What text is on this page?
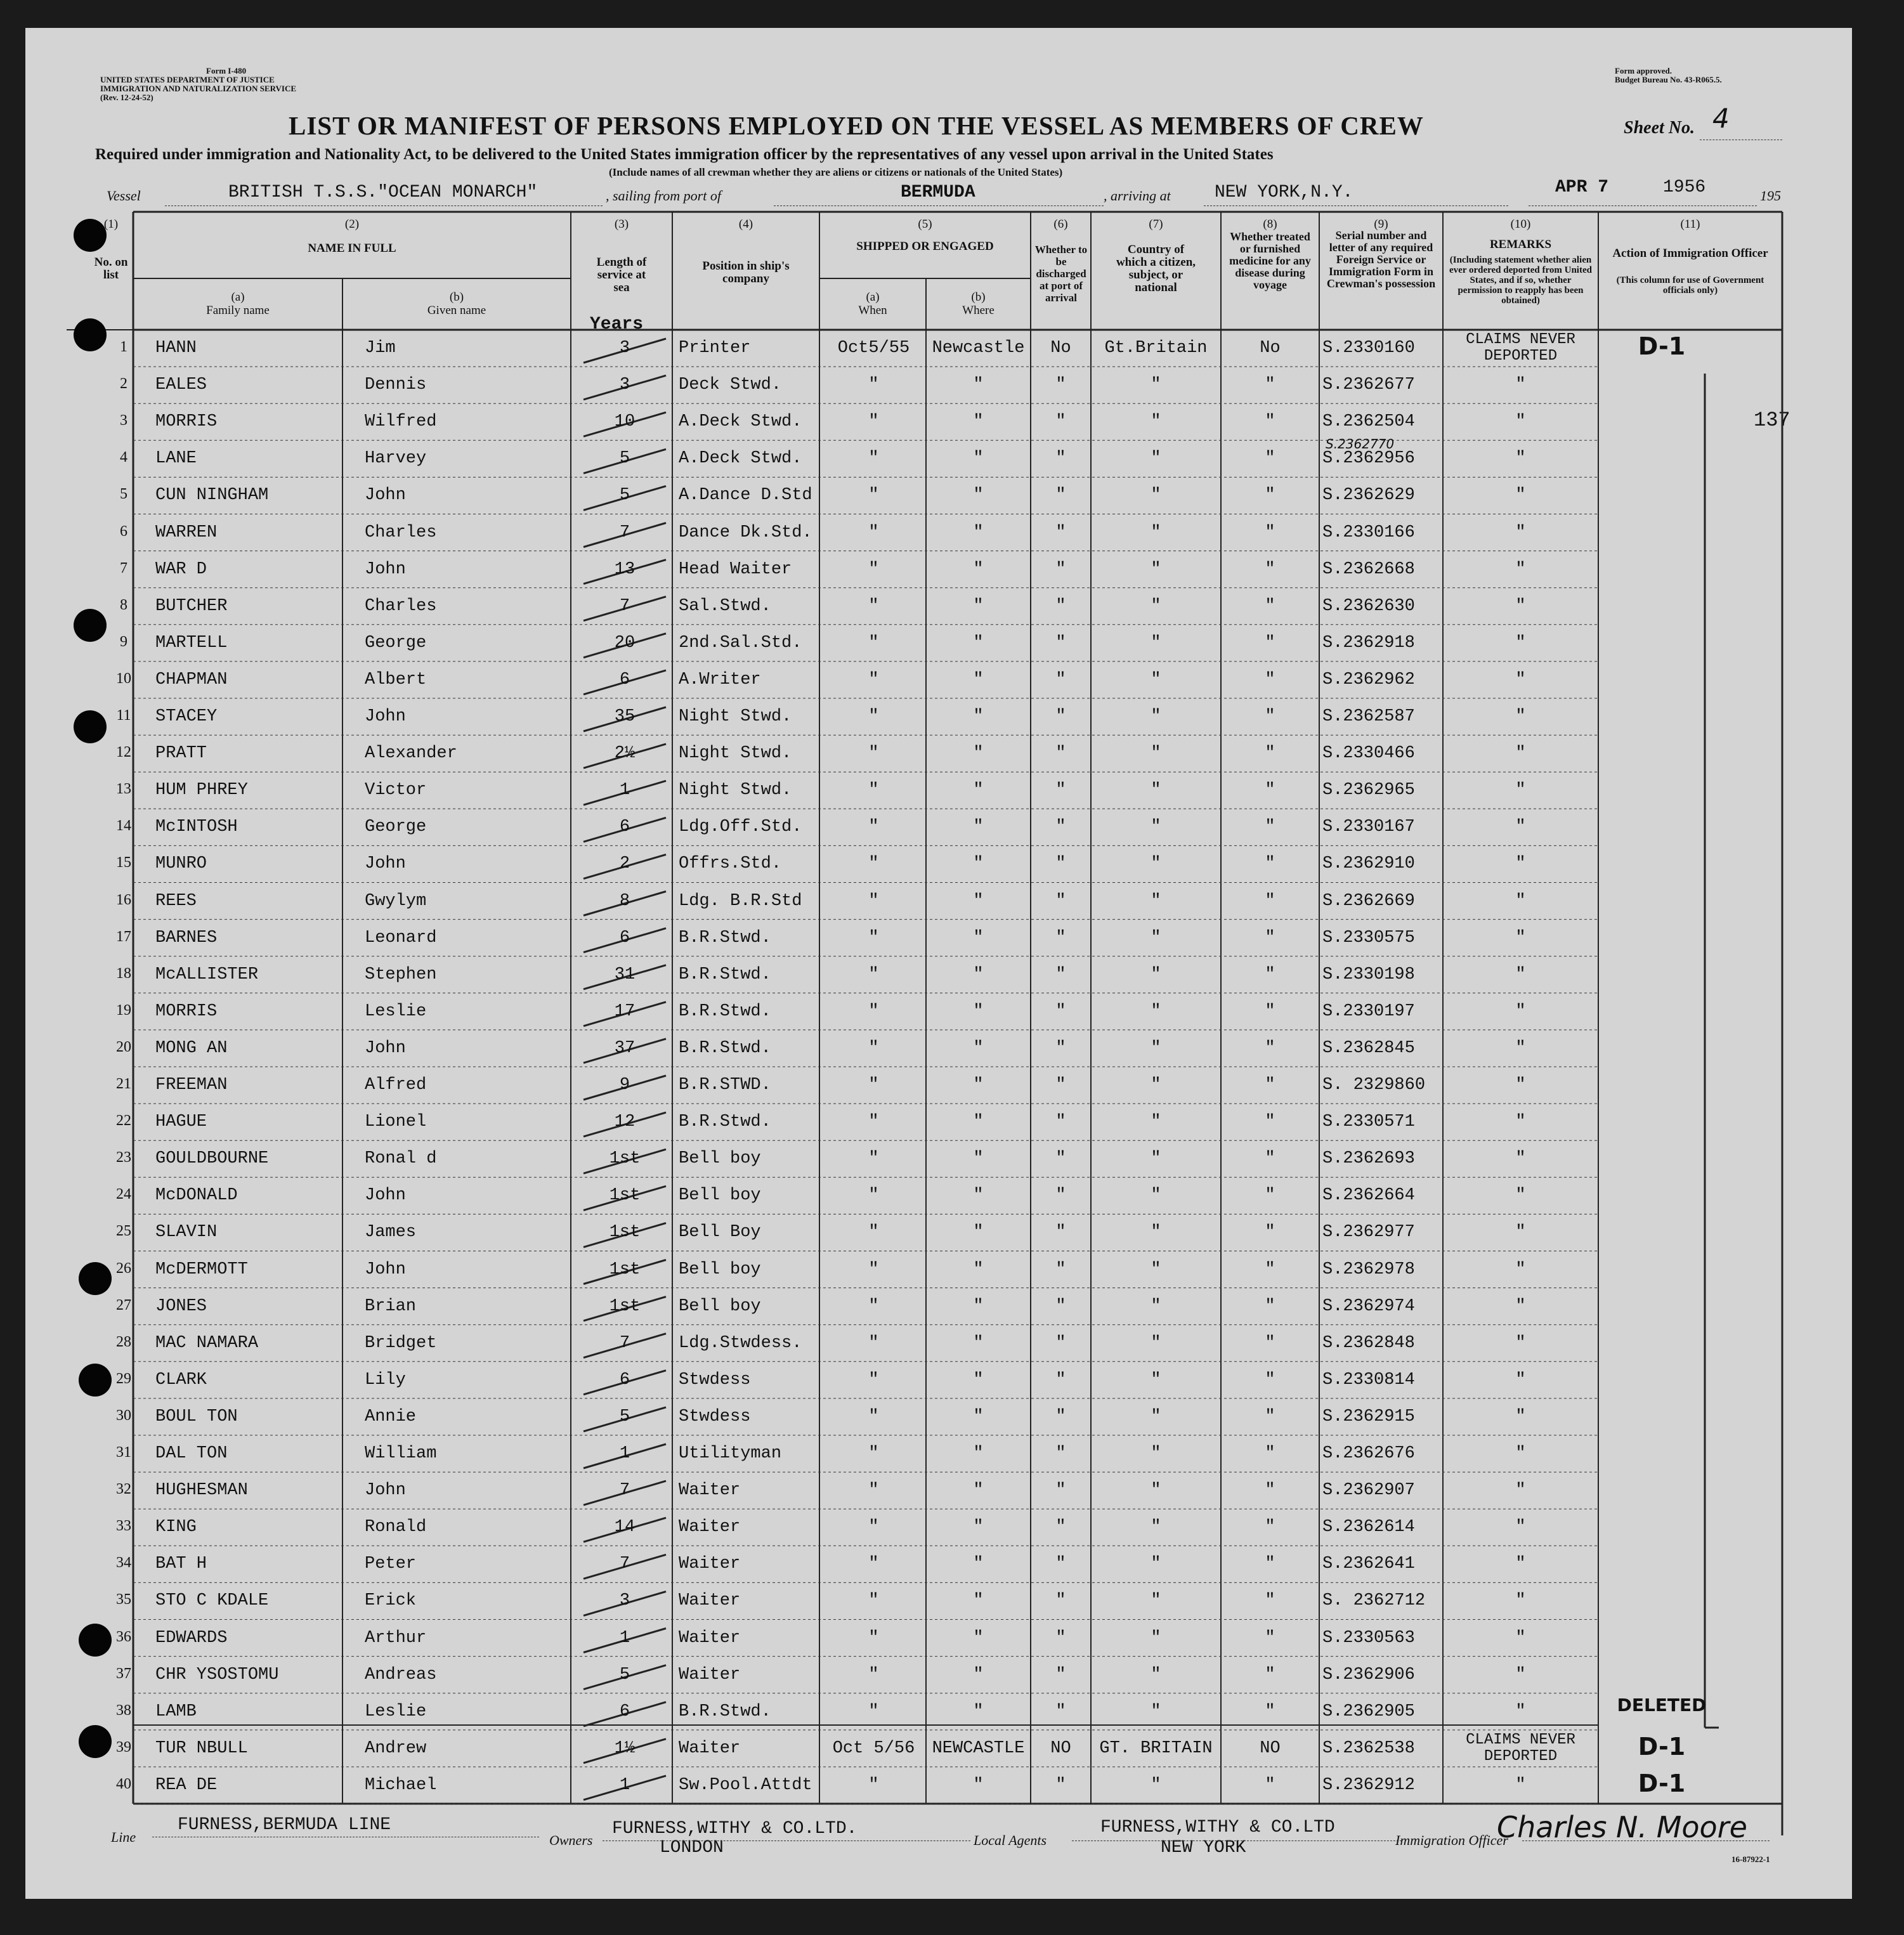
Form I-480
UNITED STATES DEPARTMENT OF JUSTICE
IMMIGRATION AND NATURALIZATION SERVICE
(Rev. 12-24-52)
Form approved.
Budget Bureau No. 43-R065.5.
LIST OR MANIFEST OF PERSONS EMPLOYED ON THE VESSEL AS MEMBERS OF CREW	Sheet No. 4
Required under immigration and Nationality Act, to be delivered to the United States immigration officer by the representatives of any vessel upon arrival in the United States
(Include names of all crewman whether they are aliens or citizens or nationals of the United States)
Vessel	BRITISH T.S.S."OCEAN MONARCH"	, sailing from port of	BERMUDA	, arriving at NEW YORK,N.Y.	APR 7	1956	195
137
(1)
No. on list
(2)
NAME IN FULL
(a)
Family name
(b)
Given name
(3)
Length of service at sea
Years
(4)
Position in ship's company
(5)
SHIPPED OR ENGAGED
(a)
When
(b)
Where
(6)
Whether to be discharged at port of arrival
(7)
Country of which a citizen, subject, or national
(8)
Whether treated or furnished medicine for any disease during voyage
(9)
Serial number and letter of any required Foreign Service or Immigration Form in Crewman's possession
(10)
REMARKS
(Including statement whether alien ever ordered deported from United States, and if so, whether permission to reapply has been obtained)
(11)
Action of Immigration Officer
(This column for use of Government officials only)
1	HANN	Jim	3	Printer	Oct5/55	Newcastle	No	Gt.Britain	No	S.2330160	CLAIMS NEVER	D-1
DEPORTED
2	EALES	Dennis	3	Deck Stwd.	"	"	"	"	"	S.2362677	"
3	MORRIS	Wilfred	10	A.Deck Stwd.	"	"	"	"	"	S.2362504	"
4	LANE	Harvey	5	A.Deck Stwd.	"	"	"	"	"	S.2362956	"
S.2362770
5	CUN NINGHAM	John	5	A.Dance D.Std	"	"	"	"	"	S.2362629	"
6	WARREN	Charles	7	Dance Dk.Std.	"	"	"	"	"	S.2330166	"
7	WAR D	John	13	Head Waiter	"	"	"	"	"	S.2362668	"
8	BUTCHER	Charles	7	Sal.Stwd.	"	"	"	"	"	S.2362630	"
9	MARTELL	George	20	2nd.Sal.Std.	"	"	"	"	"	S.2362918	"
10 CHAPMAN	Albert	6	A.Writer	"	"	"	"	"	S.2362962	"
11	STACEY	John	35	Night Stwd.	"	"	"	"	"	S.2362587	"
12 PRATT	Alexander	2½	Night Stwd.	"	"	"	"	"	S.2330466	"
13 HUM PHREY	Victor	1	Night Stwd.	"	"	"	"	"	S.2362965	"
14 McINTOSH	George	6	Ldg.Off.Std.	"	"	"	"	"	S.2330167	"
15 MUNRO	John	2	Offrs.Std.	"	"	"	"	"	S.2362910	"
16 REES	Gwylym	8	Ldg. B.R.Std	"	"	"	"	"	S.2362669	"
17 BARNES	Leonard	6	B.R.Stwd.	"	"	"	"	"	S.2330575	"
18 McALLISTER	Stephen	31	B.R.Stwd.	"	"	"	"	"	S.2330198	"
19 MORRIS	Leslie	17	B.R.Stwd.	"	"	"	"	"	S.2330197	"
20 MONG AN	John	37	B.R.Stwd.	"	"	"	"	"	S.2362845	"
21 FREEMAN	Alfred	9	B.R.STWD.	"	"	"	"	"	S. 2329860	"
22 HAGUE	Lionel	12	B.R.Stwd.	"	"	"	"	"	S.2330571	"
23 GOULDBOURNE	Ronal d	1st	Bell boy	"	"	"	"	"	S.2362693	"
24 McDONALD	John	1st	Bell boy	"	"	"	"	"	S.2362664	"
25 SLAVIN	James	1st	Bell Boy	"	"	"	"	"	S.2362977	"
26 McDERMOTT	John	1st	Bell boy	"	"	"	"	"	S.2362978	"
27 JONES	Brian	1st	Bell boy	"	"	"	"	"	S.2362974	"
28 MAC NAMARA	Bridget	7	Ldg.Stwdess.	"	"	"	"	"	S.2362848	"
29 CLARK	Lily	6	Stwdess	"	"	"	"	"	S.2330814	"
30 BOUL TON	Annie	5	Stwdess	"	"	"	"	"	S.2362915	"
31 DAL TON	William	1	Utilityman	"	"	"	"	"	S.2362676	"
32 HUGHESMAN	John	7	Waiter	"	"	"	"	"	S.2362907	"
33 KING	Ronald	14	Waiter	"	"	"	"	"	S.2362614	"
34 BAT H	Peter	7	Waiter	"	"	"	"	"	S.2362641	"
35 STO C KDALE	Erick	3	Waiter	"	"	"	"	"	S. 2362712	"
36 EDWARDS	Arthur	1	Waiter	"	"	"	"	"	S.2330563	"
37 CHR YSOSTOMU	Andreas	5	Waiter	"	"	"	"	"	S.2362906	"
38 LAMB	Leslie	6	B.R.Stwd.	"	"	"	"	"	S.2362905	"	DELETED
39 TUR NBULL	Andrew	1½	Waiter	Oct 5/56	NEWCASTLE	NO	GT. BRITAIN	NO	S.2362538	CLAIMS NEVER	D-1
DEPORTED
40 REA DE	Michael	1	Sw.Pool.Attdt	"	"	"	"	"	S.2362912	"	D-1
Line
FURNESS,BERMUDA LINE
Owners
FURNESS,WITHY & CO.LTD.
LONDON	Local Agents
FURNESS,WITHY & CO.LTD
NEW YORK	Immigration Officer
Charles N. Moore
16-87922-1
